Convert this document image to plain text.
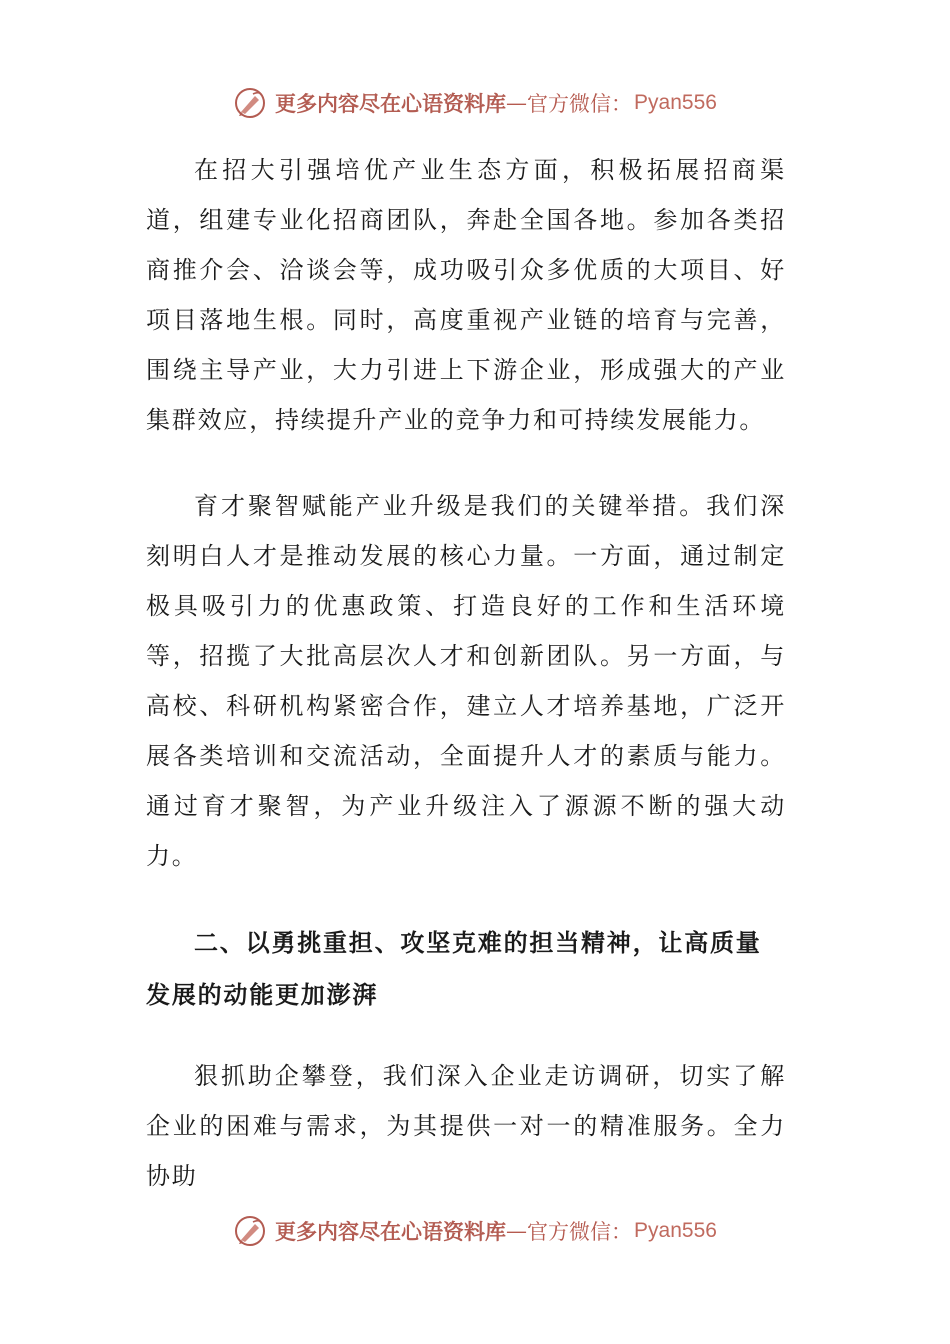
更多内容尽在心语资料库 — 官方微信： Pyan556

在招大引强培优产业生态方面，积极拓展招商渠道，组建专业化招商团队，奔赴全国各地。参加各类招商推介会、洽谈会等，成功吸引众多优质的大项目、好项目落地生根。同时，高度重视产业链的培育与完善，围绕主导产业，大力引进上下游企业，形成强大的产业集群效应，持续提升产业的竞争力和可持续发展能力。

育才聚智赋能产业升级是我们的关键举措。我们深刻明白人才是推动发展的核心力量。一方面，通过制定极具吸引力的优惠政策、打造良好的工作和生活环境等，招揽了大批高层次人才和创新团队。另一方面，与高校、科研机构紧密合作，建立人才培养基地，广泛开展各类培训和交流活动，全面提升人才的素质与能力。通过育才聚智，为产业升级注入了源源不断的强大动力。

二、以勇挑重担、攻坚克难的担当精神，让高质量发展的动能更加澎湃

狠抓助企攀登，我们深入企业走访调研，切实了解企业的困难与需求，为其提供一对一的精准服务。全力协助

更多内容尽在心语资料库 — 官方微信： Pyan556
